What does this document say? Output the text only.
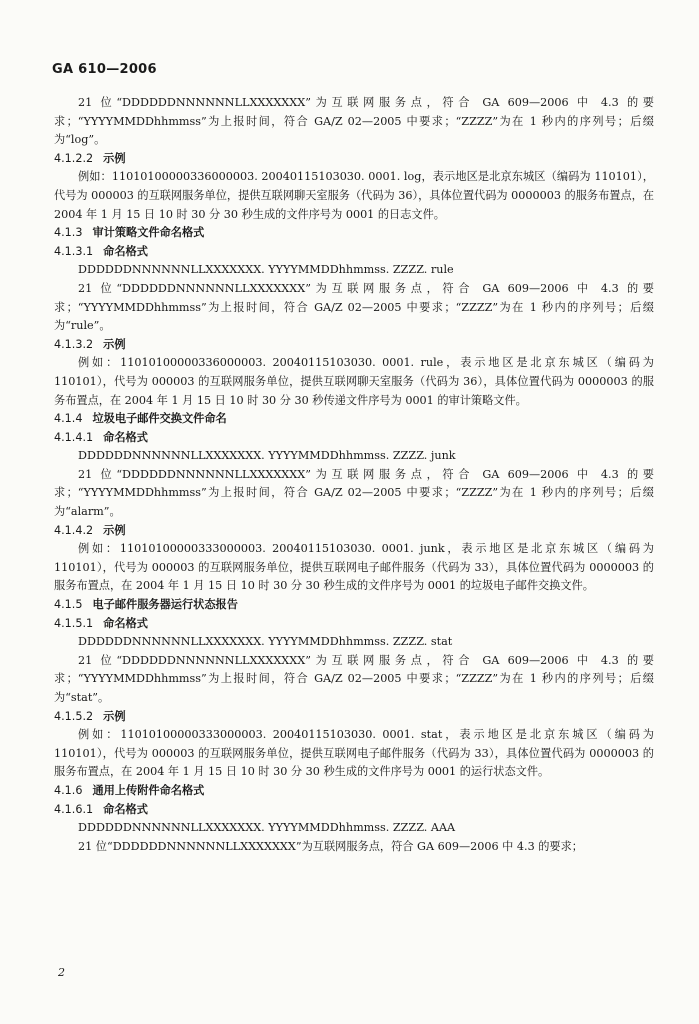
GA 610—2006

21 位“DDDDDDNNNNNNLLXXXXXXX”为互联网服务点，符合 GA 609—2006 中 4.3 的要求；“YYYYMMDDhhmmss”为上报时间，符合 GA/Z 02—2005 中要求；“ZZZZ”为在 1 秒内的序列号；后缀为“log”。

4.1.2.2 示例

例如：11010100000336000003. 20040115103030. 0001. log，表示地区是北京东城区（编码为 110101），代号为 000003 的互联网服务单位，提供互联网聊天室服务（代码为 36），具体位置代码为 0000003 的服务布置点，在 2004 年 1 月 15 日 10 时 30 分 30 秒生成的文件序号为 0001 的日志文件。

4.1.3 审计策略文件命名格式
4.1.3.1 命名格式
DDDDDDNNNNNNLLXXXXXXX. YYYYMMDDhhmmss. ZZZZ. rule

21 位“DDDDDDNNNNNNLLXXXXXXX”为互联网服务点，符合 GA 609—2006 中 4.3 的要求；“YYYYMMDDhhmmss”为上报时间，符合 GA/Z 02—2005 中要求；“ZZZZ”为在 1 秒内的序列号；后缀为“rule”。

4.1.3.2 示例

例如：11010100000336000003. 20040115103030. 0001. rule，表示地区是北京东城区（编码为 110101），代号为 000003 的互联网服务单位，提供互联网聊天室服务（代码为 36），具体位置代码为 0000003 的服务布置点，在 2004 年 1 月 15 日 10 时 30 分 30 秒传递文件序号为 0001 的审计策略文件。

4.1.4 垃圾电子邮件交换文件命名
4.1.4.1 命名格式
DDDDDDNNNNNNLLXXXXXXX. YYYYMMDDhhmmss. ZZZZ. junk

21 位“DDDDDDNNNNNNLLXXXXXXX”为互联网服务点，符合 GA 609—2006 中 4.3 的要求；“YYYYMMDDhhmmss”为上报时间，符合 GA/Z 02—2005 中要求；“ZZZZ”为在 1 秒内的序列号；后缀为“alarm”。

4.1.4.2 示例

例如：11010100000333000003. 20040115103030. 0001. junk，表示地区是北京东城区（编码为 110101），代号为 000003 的互联网服务单位，提供互联网电子邮件服务（代码为 33），具体位置代码为 0000003 的服务布置点，在 2004 年 1 月 15 日 10 时 30 分 30 秒生成的文件序号为 0001 的垃圾电子邮件交换文件。

4.1.5 电子邮件服务器运行状态报告
4.1.5.1 命名格式
DDDDDDNNNNNNLLXXXXXXX. YYYYMMDDhhmmss. ZZZZ. stat

21 位“DDDDDDNNNNNNLLXXXXXXX”为互联网服务点，符合 GA 609—2006 中 4.3 的要求；“YYYYMMDDhhmmss”为上报时间，符合 GA/Z 02—2005 中要求；“ZZZZ”为在 1 秒内的序列号；后缀为“stat”。

4.1.5.2 示例

例如：11010100000333000003. 20040115103030. 0001. stat，表示地区是北京东城区（编码为 110101），代号为 000003 的互联网服务单位，提供互联网电子邮件服务（代码为 33），具体位置代码为 0000003 的服务布置点，在 2004 年 1 月 15 日 10 时 30 分 30 秒生成的文件序号为 0001 的运行状态文件。

4.1.6 通用上传附件命名格式
4.1.6.1 命名格式
DDDDDDNNNNNNLLXXXXXXX. YYYYMMDDhhmmss. ZZZZ. AAA

21 位“DDDDDDNNNNNNLLXXXXXXX”为互联网服务点，符合 GA 609—2006 中 4.3 的要求；

2
